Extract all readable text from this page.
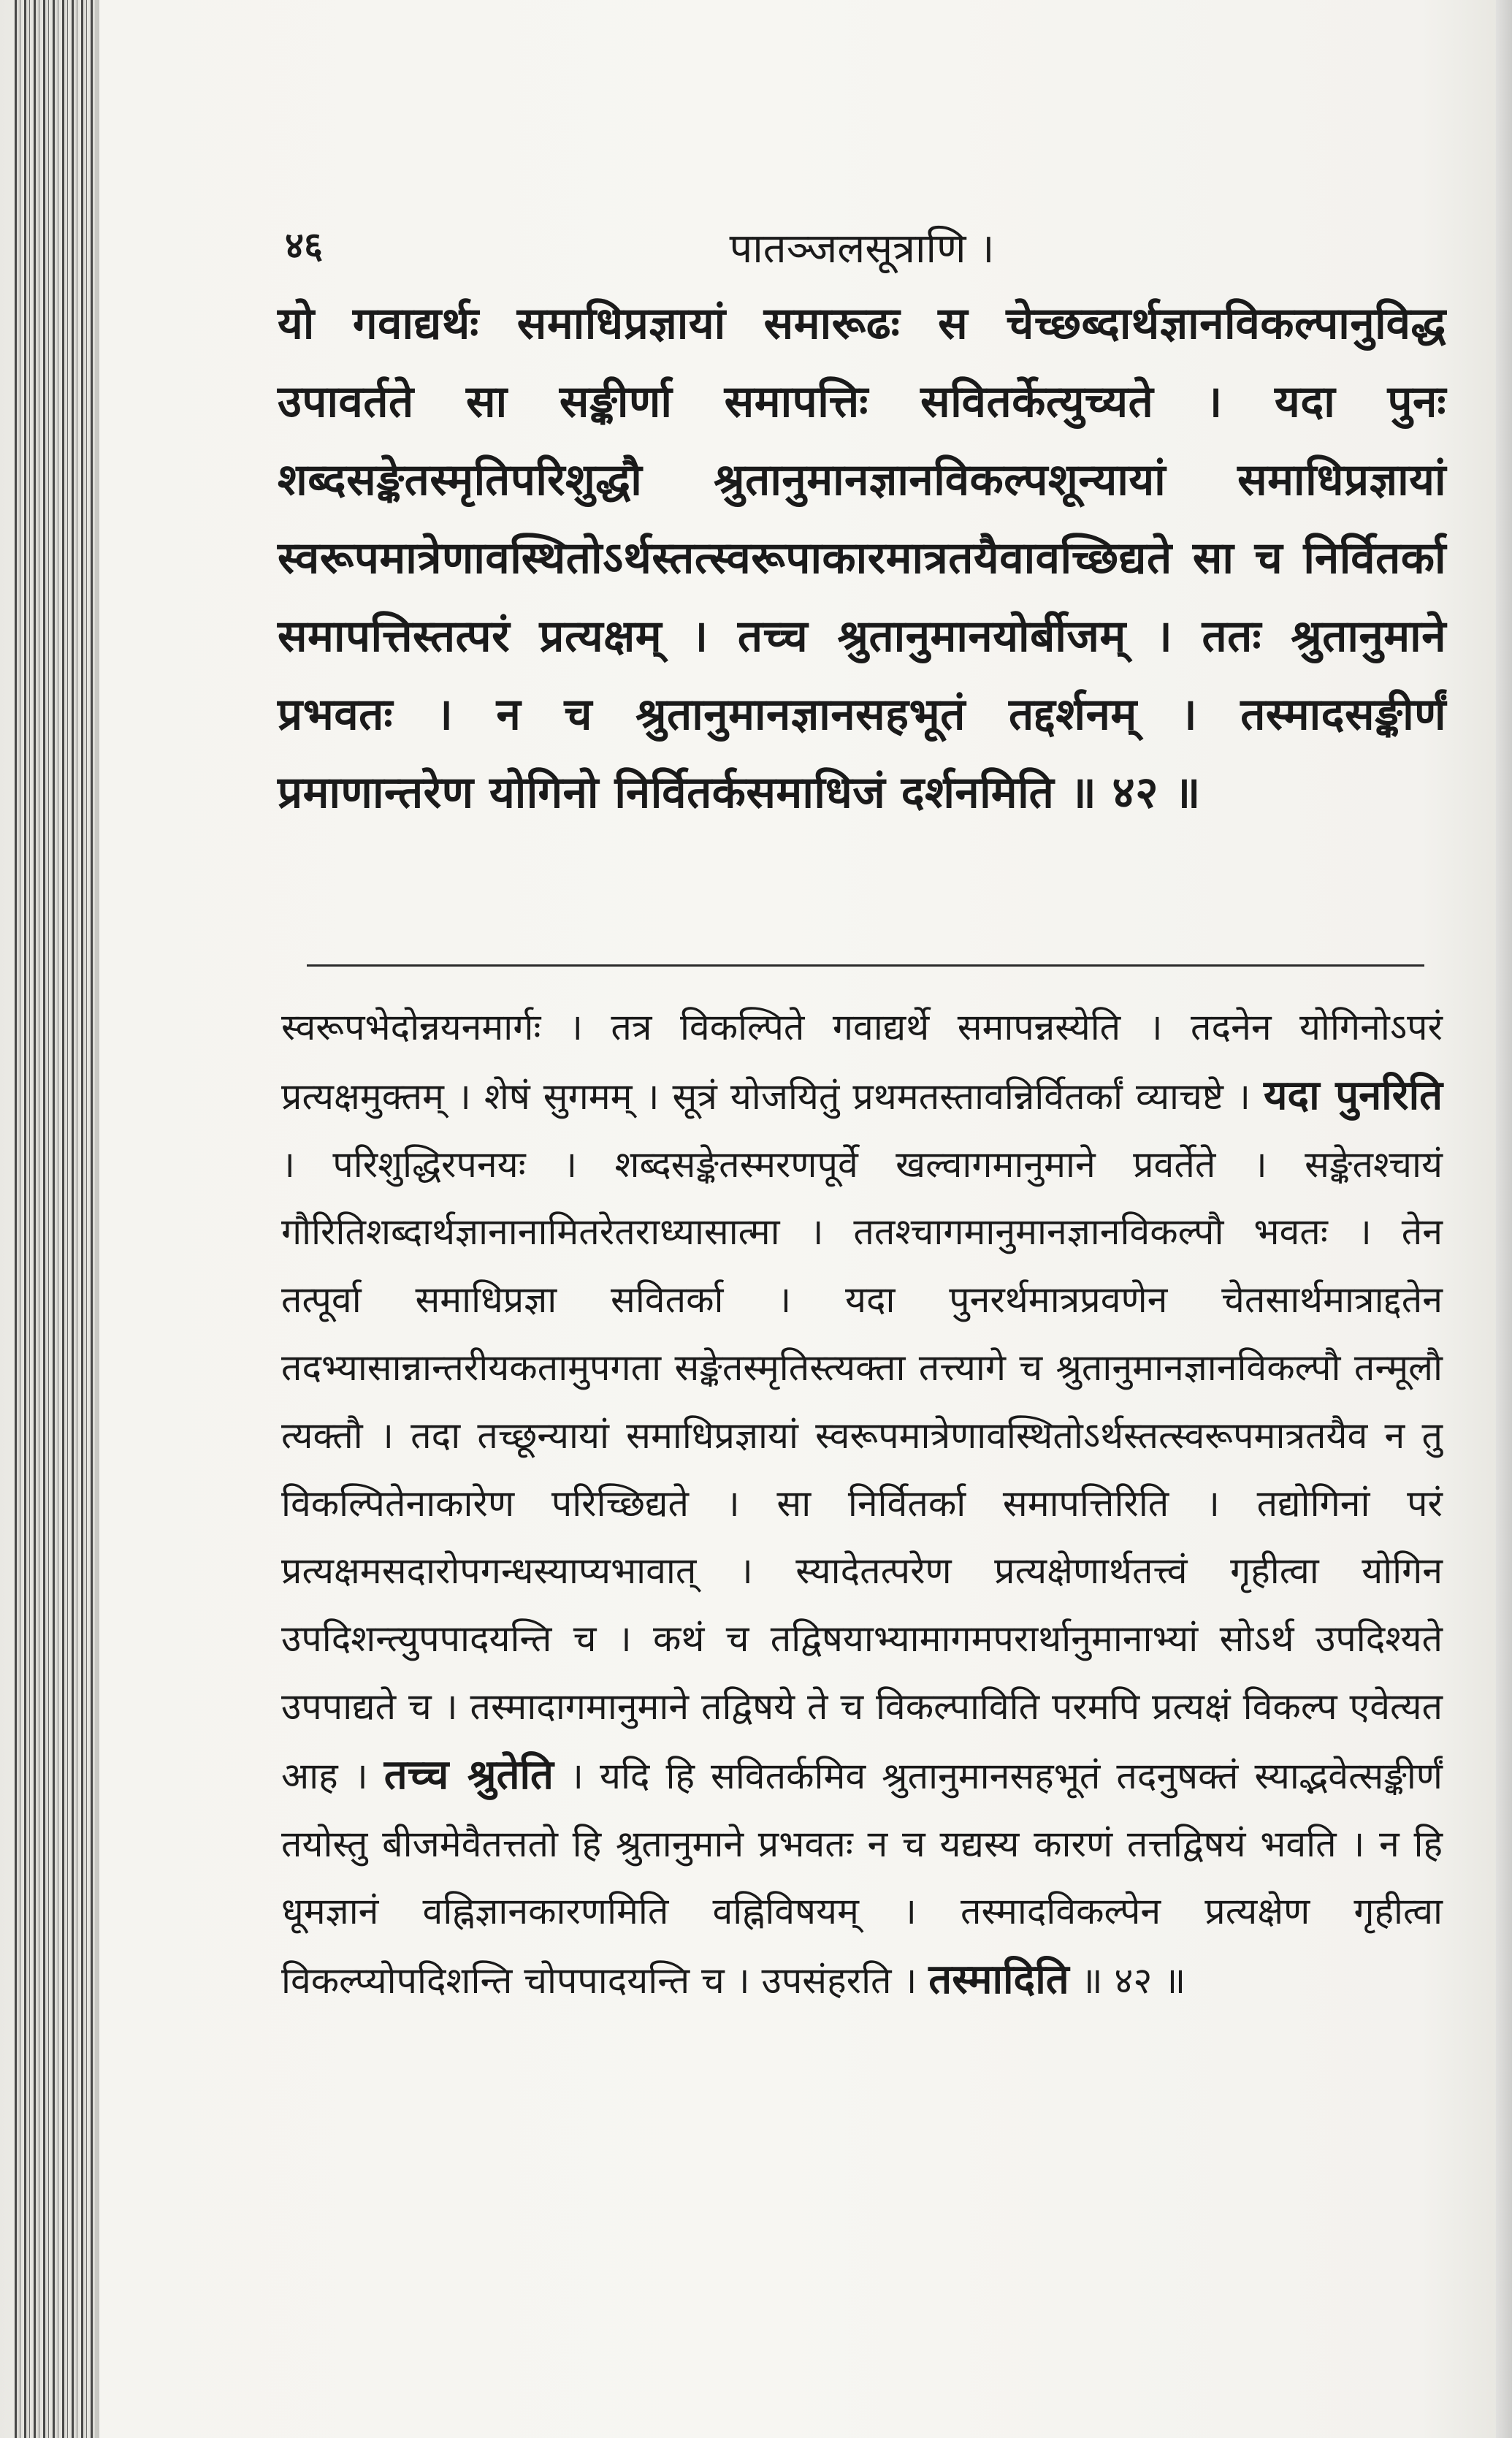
४६	पातञ्जलसूत्राणि ।
यो गवाद्यर्थः समाधिप्रज्ञायां समारूढः स चेच्छब्दार्थज्ञानविकल्पानुविद्ध उपावर्तते सा सङ्कीर्णा समापत्तिः सवितर्केत्युच्यते । यदा पुनः शब्दसङ्केतस्मृतिपरिशुद्धौ श्रुतानुमानज्ञानविकल्पशून्यायां समाधिप्रज्ञायां स्वरूपमात्रेणावस्थितोऽर्थस्तत्स्वरूपाकारमात्रतयैवावच्छिद्यते सा च निर्वितर्का समापत्तिस्तत्परं प्रत्यक्षम् । तच्च श्रुतानुमानयोर्बीजम् । ततः श्रुतानुमाने प्रभवतः । न च श्रुतानुमानज्ञानसहभूतं तद्दर्शनम् । तस्मादसङ्कीर्णं प्रमाणान्तरेण योगिनो निर्वितर्कसमाधिजं दर्शनमिति ॥ ४२ ॥
स्वरूपभेदोन्नयनमार्गः । तत्र विकल्पिते गवाद्यर्थे समापन्नस्येति । तदनेन योगिनोऽपरं प्रत्यक्षमुक्तम् । शेषं सुगमम् । सूत्रं योजयितुं प्रथमतस्तावन्निर्वितर्कां व्याचष्टे । यदा पुनरिति । परिशुद्धिरपनयः । शब्दसङ्केतस्मरणपूर्वे खल्वागमानुमाने प्रवर्तेते । सङ्केतश्चायं गौरितिशब्दार्थज्ञानानामितरेतराध्यासात्मा । ततश्चागमानुमानज्ञानविकल्पौ भवतः । तेन तत्पूर्वा समाधिप्रज्ञा सवितर्का । यदा पुनरर्थमात्रप्रवणेन चेतसार्थमात्राद्दतेन तदभ्यासान्नान्तरीयकतामुपगता सङ्केतस्मृतिस्त्यक्ता तत्त्यागे च श्रुतानुमानज्ञानविकल्पौ तन्मूलौ त्यक्तौ । तदा तच्छून्यायां समाधिप्रज्ञायां स्वरूपमात्रेणावस्थितोऽर्थस्तत्स्वरूपमात्रतयैव न तु विकल्पितेनाकारेण परिच्छिद्यते । सा निर्वितर्का समापत्तिरिति । तद्योगिनां परं प्रत्यक्षमसदारोपगन्धस्याप्यभावात् । स्यादेतत्परेण प्रत्यक्षेणार्थतत्त्वं गृहीत्वा योगिन उपदिशन्त्युपपादयन्ति च । कथं च तद्विषयाभ्यामागमपरार्थानुमानाभ्यां सोऽर्थ उपदिश्यते उपपाद्यते च । तस्मादागमानुमाने तद्विषये ते च विकल्पाविति परमपि प्रत्यक्षं विकल्प एवेत्यत आह । तच्च श्रुतेति । यदि हि सवितर्कमिव श्रुतानुमानसहभूतं तदनुषक्तं स्याद्भवेत्सङ्कीर्णं तयोस्तु बीजमेवैतत्ततो हि श्रुतानुमाने प्रभवतः न च यद्यस्य कारणं तत्तद्विषयं भवति । न हि धूमज्ञानं वह्निज्ञानकारणमिति वह्निविषयम् । तस्मादविकल्पेन प्रत्यक्षेण गृहीत्वा विकल्प्योपदिशन्ति चोपपादयन्ति च । उपसंहरति । तस्मादिति ॥ ४२ ॥
